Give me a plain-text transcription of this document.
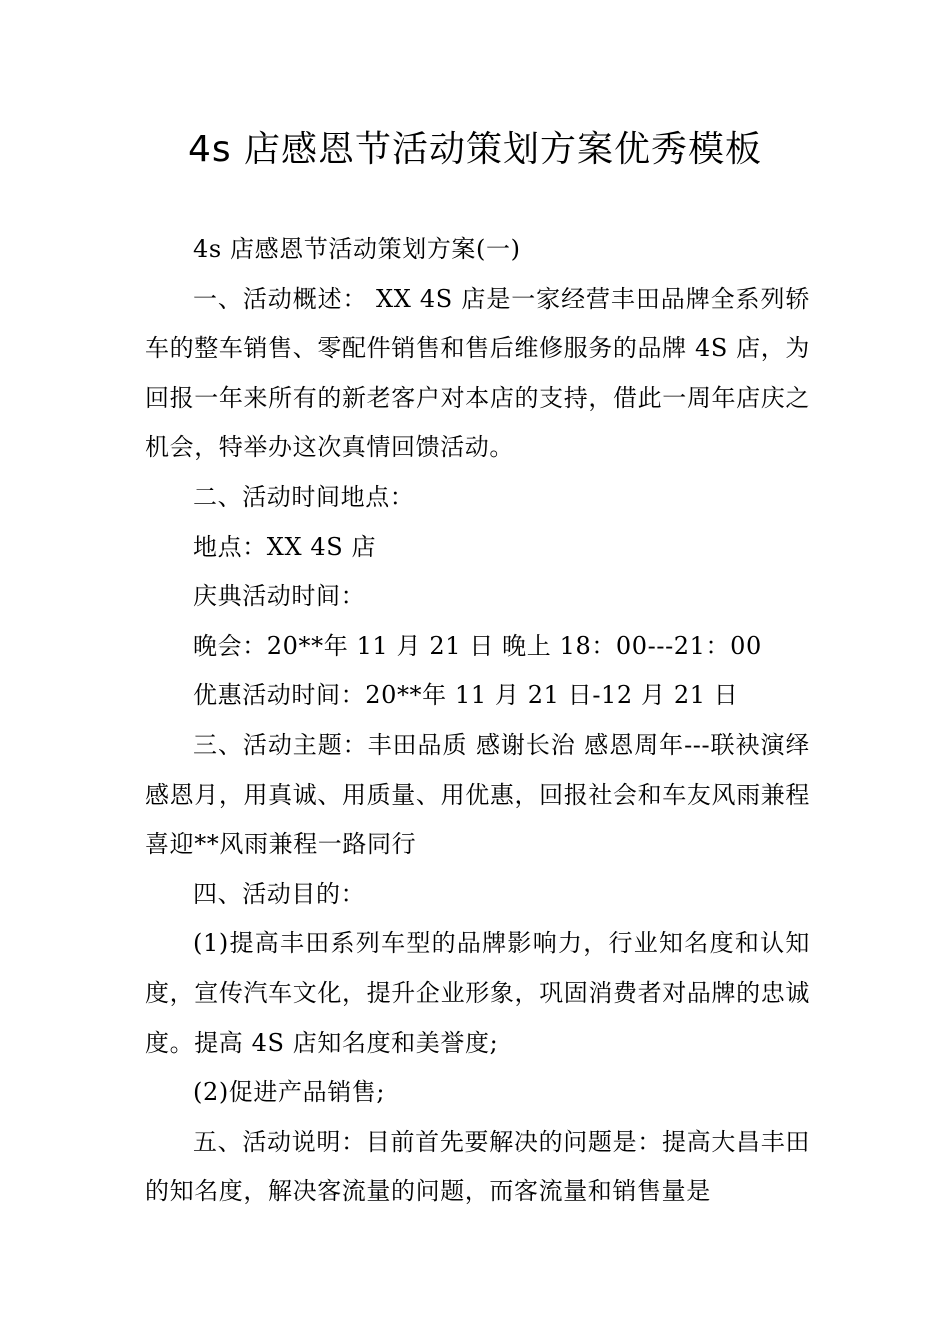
4s 店感恩节活动策划方案优秀模板

4s 店感恩节活动策划方案(一)

一、活动概述： XX 4S 店是一家经营丰田品牌全系列轿车的整车销售、零配件销售和售后维修服务的品牌 4S 店，为回报一年来所有的新老客户对本店的支持，借此一周年店庆之机会，特举办这次真情回馈活动。

二、活动时间地点：

地点：XX 4S 店

庆典活动时间：

晚会：20**年 11 月 21 日 晚上 18：00---21：00

优惠活动时间：20**年 11 月 21 日-12 月 21 日

三、活动主题：丰田品质 感谢长治 感恩周年---联袂演绎感恩月，用真诚、用质量、用优惠，回报社会和车友风雨兼程 喜迎**风雨兼程一路同行

四、活动目的：

(1)提高丰田系列车型的品牌影响力，行业知名度和认知度，宣传汽车文化，提升企业形象，巩固消费者对品牌的忠诚度。提高 4S 店知名度和美誉度;

(2)促进产品销售;

五、活动说明：目前首先要解决的问题是：提高大昌丰田的知名度，解决客流量的问题，而客流量和销售量是
